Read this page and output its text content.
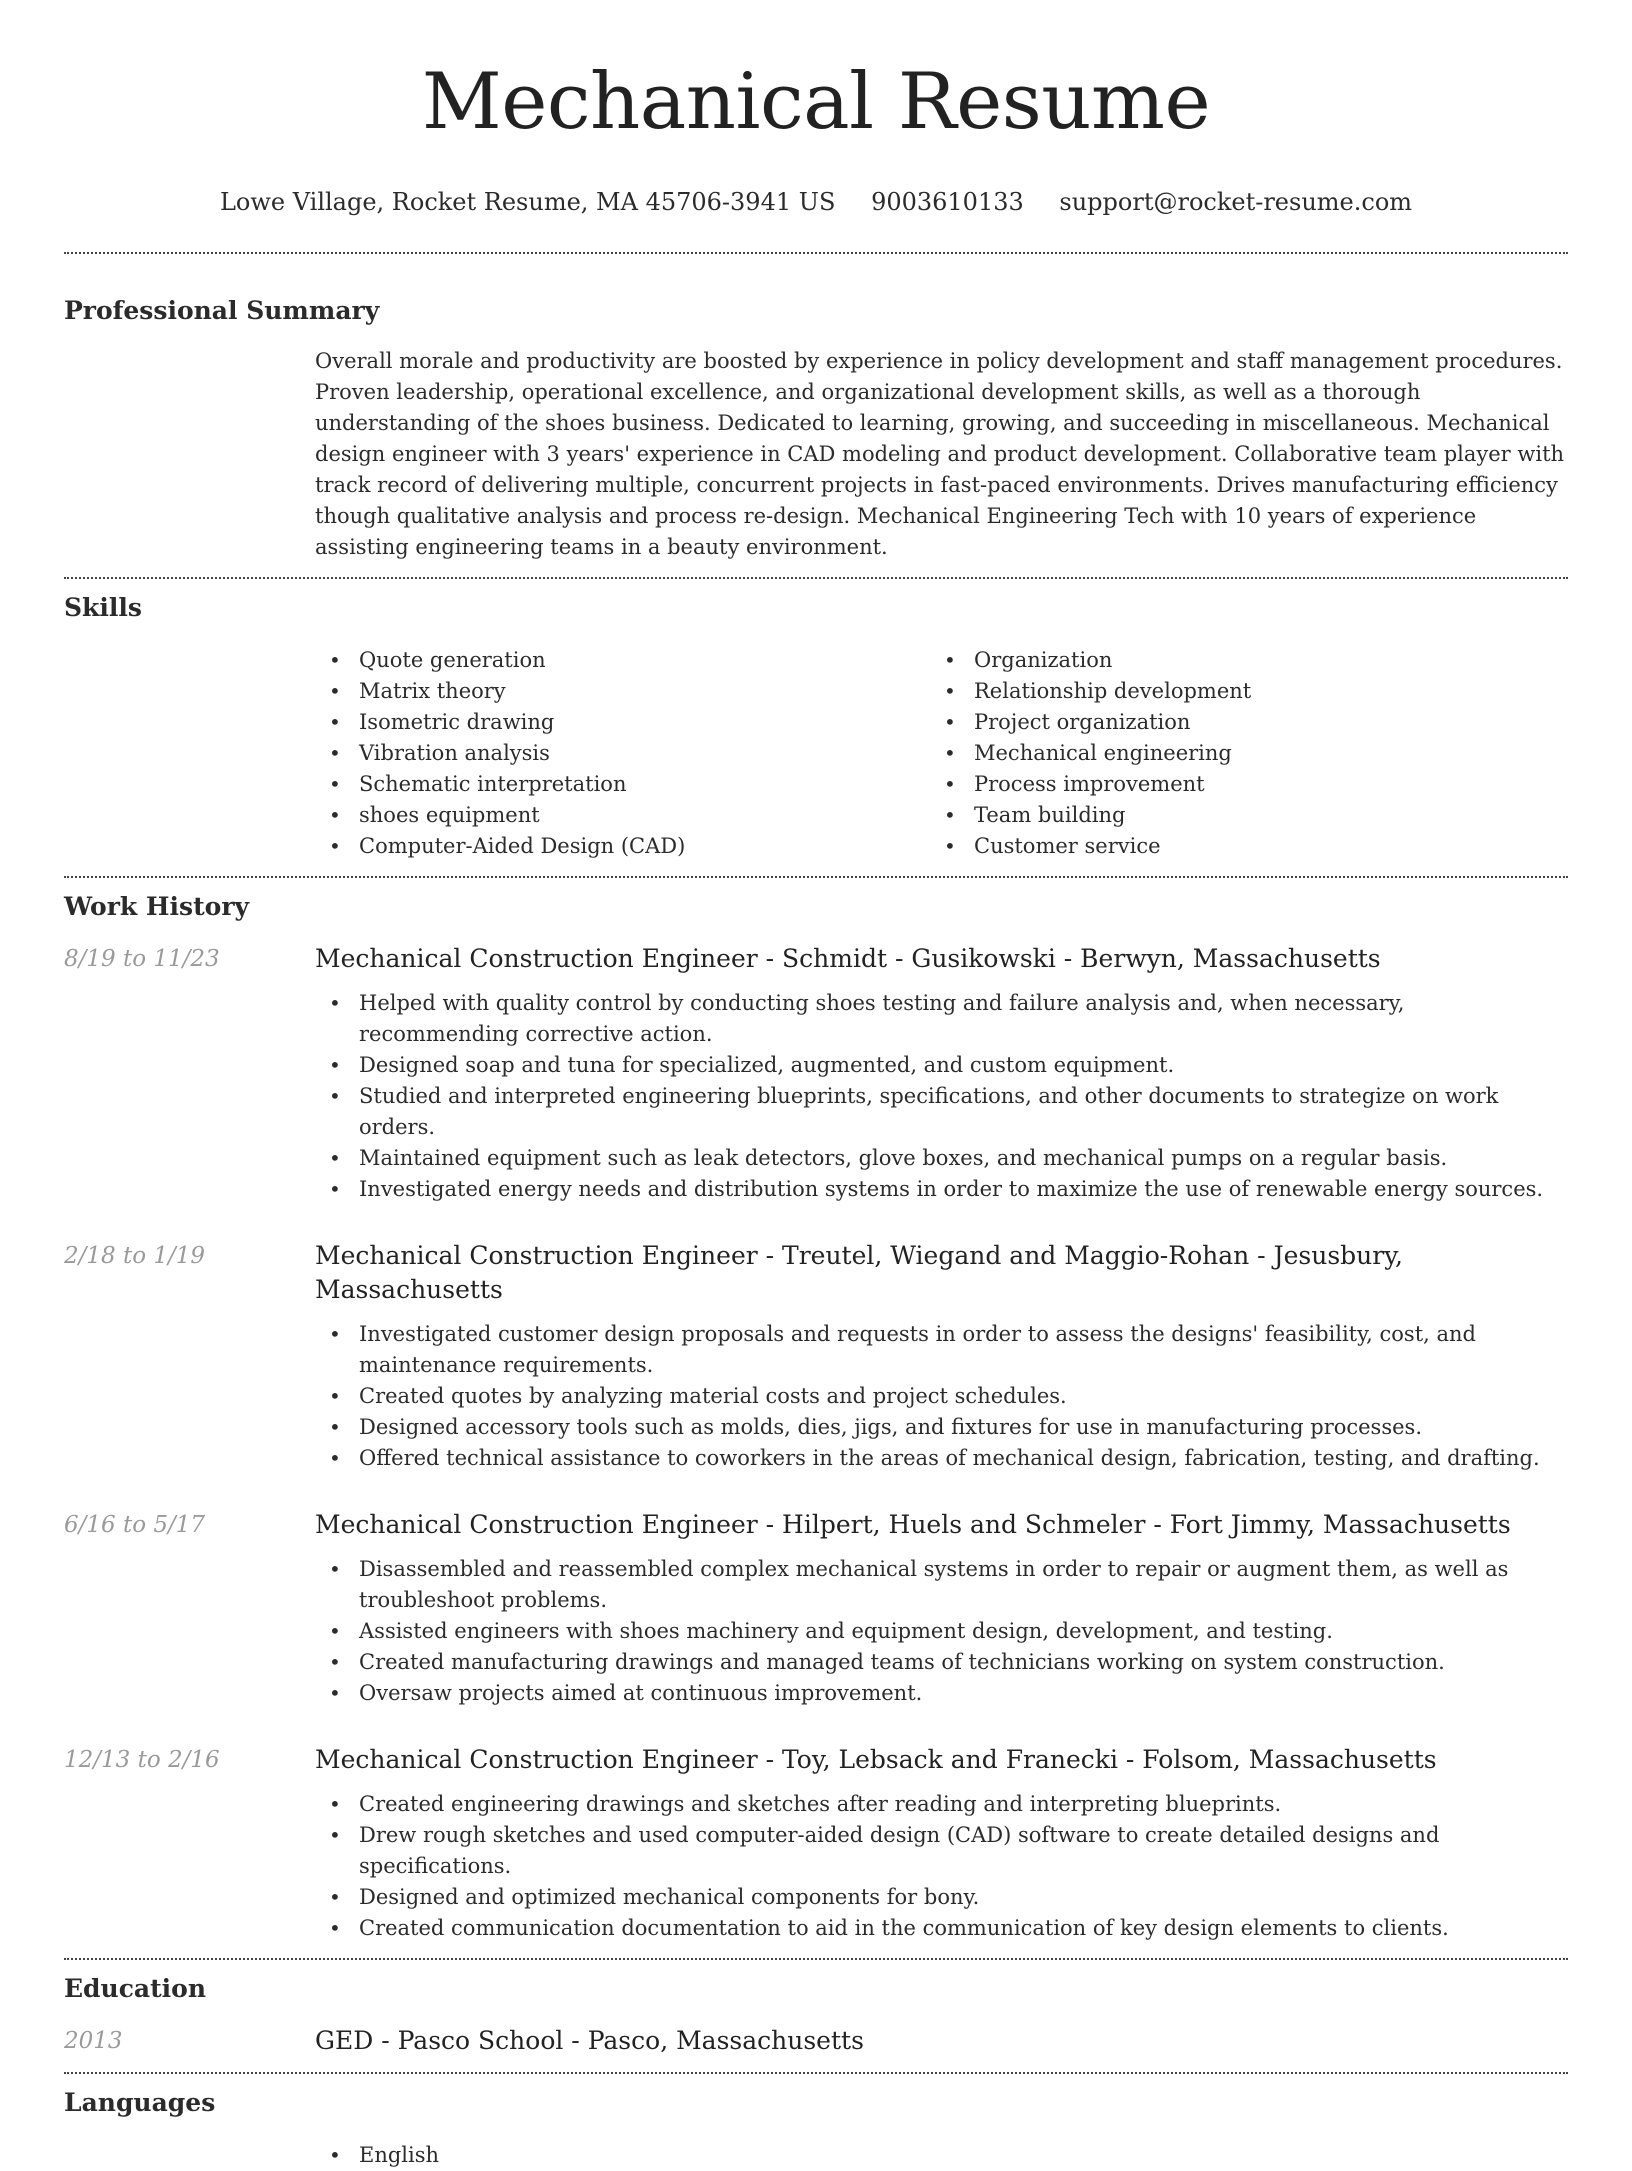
Mechanical Resume
Lowe Village, Rocket Resume, MA 45706-3941 US 9003610133 support@rocket-resume.com
Professional Summary

Overall morale and productivity are boosted by experience in policy development and staff management procedures. Proven leadership, operational excellence, and organizational development skills, as well as a thorough understanding of the shoes business. Dedicated to learning, growing, and succeeding in miscellaneous. Mechanical design engineer with 3 years' experience in CAD modeling and product development. Collaborative team player with track record of delivering multiple, concurrent projects in fast-paced environments. Drives manufacturing efficiency though qualitative analysis and process re-design. Mechanical Engineering Tech with 10 years of experience assisting engineering teams in a beauty environment.

Skills
• Quote generation
• Matrix theory
• Isometric drawing
• Vibration analysis
• Schematic interpretation
• shoes equipment
• Computer-Aided Design (CAD)
• Organization
• Relationship development
• Project organization
• Mechanical engineering
• Process improvement
• Team building
• Customer service
Work History
8/19 to 11/23	Mechanical Construction Engineer - Schmidt - Gusikowski - Berwyn, Massachusetts
• Helped with quality control by conducting shoes testing and failure analysis and, when necessary, recommending corrective action.
• Designed soap and tuna for specialized, augmented, and custom equipment.
• Studied and interpreted engineering blueprints, specifications, and other documents to strategize on work orders.
• Maintained equipment such as leak detectors, glove boxes, and mechanical pumps on a regular basis.
• Investigated energy needs and distribution systems in order to maximize the use of renewable energy sources.
2/18 to 1/19	Mechanical Construction Engineer - Treutel, Wiegand and Maggio-Rohan - Jesusbury, Massachusetts
• Investigated customer design proposals and requests in order to assess the designs' feasibility, cost, and maintenance requirements.
• Created quotes by analyzing material costs and project schedules.
• Designed accessory tools such as molds, dies, jigs, and fixtures for use in manufacturing processes.
• Offered technical assistance to coworkers in the areas of mechanical design, fabrication, testing, and drafting.
6/16 to 5/17	Mechanical Construction Engineer - Hilpert, Huels and Schmeler - Fort Jimmy, Massachusetts
• Disassembled and reassembled complex mechanical systems in order to repair or augment them, as well as troubleshoot problems.
• Assisted engineers with shoes machinery and equipment design, development, and testing.
• Created manufacturing drawings and managed teams of technicians working on system construction.
• Oversaw projects aimed at continuous improvement.
12/13 to 2/16	Mechanical Construction Engineer - Toy, Lebsack and Franecki - Folsom, Massachusetts
• Created engineering drawings and sketches after reading and interpreting blueprints.
• Drew rough sketches and used computer-aided design (CAD) software to create detailed designs and specifications.
• Designed and optimized mechanical components for bony.
• Created communication documentation to aid in the communication of key design elements to clients.
Education
2013	GED - Pasco School - Pasco, Massachusetts
Languages
• English
